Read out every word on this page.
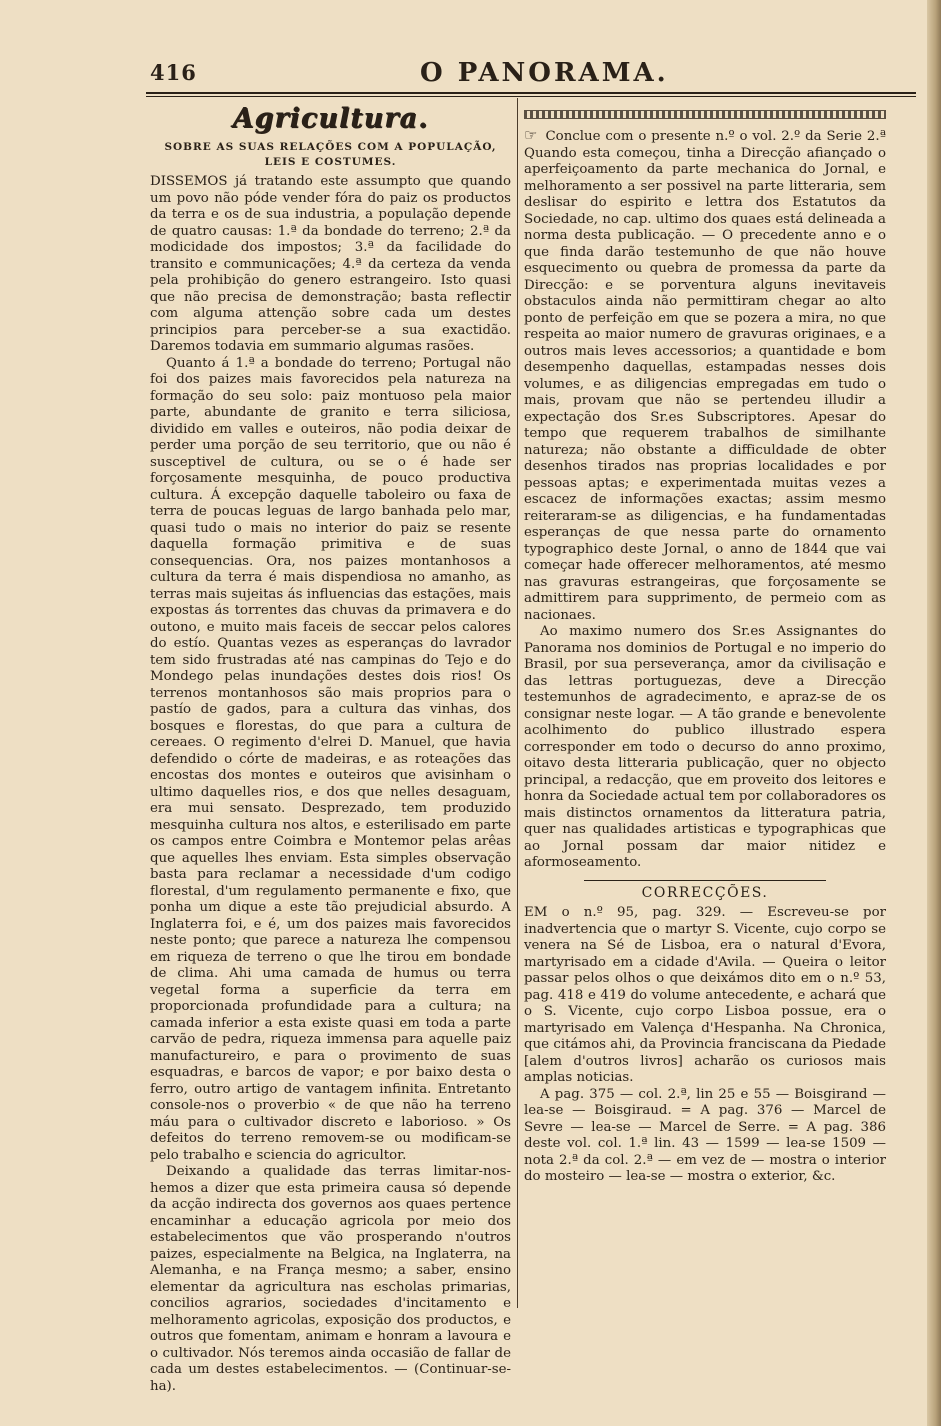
416	O PANORAMA.
Agricultura.
SOBRE AS SUAS RELAÇÕES COM A POPULAÇÃO, LEIS E COSTUMES.

DISSEMOS já tratando este assumpto que quando um povo não póde vender fóra do paiz os productos da terra e os de sua industria, a população depende de quatro causas: 1.ª da bondade do terreno; 2.ª da modicidade dos impostos; 3.ª da facilidade do transito e communicações; 4.ª da certeza da venda pela prohibição do genero estrangeiro. Isto quasi que não precisa de demonstração; basta reflectir com alguma attenção sobre cada um destes principios para perceber-se a sua exactidão. Daremos todavia em summario algumas rasões.

Quanto á 1.ª a bondade do terreno; Portugal não foi dos paizes mais favorecidos pela natureza na formação do seu solo: paiz montuoso pela maior parte, abundante de granito e terra siliciosa, dividido em valles e outeiros, não podia deixar de perder uma porção de seu territorio, que ou não é susceptivel de cultura, ou se o é hade ser forçosamente mesquinha, de pouco productiva cultura. Á excepção daquelle taboleiro ou faxa de terra de poucas leguas de largo banhada pelo mar, quasi tudo o mais no interior do paiz se resente daquella formação primitiva e de suas consequencias. Ora, nos paizes montanhosos a cultura da terra é mais dispendiosa no amanho, as terras mais sujeitas ás influencias das estações, mais expostas ás torrentes das chuvas da primavera e do outono, e muito mais faceis de seccar pelos calores do estío. Quantas vezes as esperanças do lavrador tem sido frustradas até nas campinas do Tejo e do Mondego pelas inundações destes dois rios! Os terrenos montanhosos são mais proprios para o pastío de gados, para a cultura das vinhas, dos bosques e florestas, do que para a cultura de cereaes. O regimento d'elrei D. Manuel, que havia defendido o córte de madeiras, e as roteações das encostas dos montes e outeiros que avisinham o ultimo daquelles rios, e dos que nelles desaguam, era mui sensato. Desprezado, tem produzido mesquinha cultura nos altos, e esterilisado em parte os campos entre Coimbra e Montemor pelas arêas que aquelles lhes enviam. Esta simples observação basta para reclamar a necessidade d'um codigo florestal, d'um regulamento permanente e fixo, que ponha um dique a este tão prejudicial absurdo. A Inglaterra foi, e é, um dos paizes mais favorecidos neste ponto; que parece a natureza lhe compensou em riqueza de terreno o que lhe tirou em bondade de clima. Ahi uma camada de humus ou terra vegetal forma a superficie da terra em proporcionada profundidade para a cultura; na camada inferior a esta existe quasi em toda a parte carvão de pedra, riqueza immensa para aquelle paiz manufactureiro, e para o provimento de suas esquadras, e barcos de vapor; e por baixo desta o ferro, outro artigo de vantagem infinita. Entretanto console-nos o proverbio « de que não ha terreno máu para o cultivador discreto e laborioso. » Os defeitos do terreno removem-se ou modificam-se pelo trabalho e sciencia do agricultor.

Deixando a qualidade das terras limitar-nos-hemos a dizer que esta primeira causa só depende da acção indirecta dos governos aos quaes pertence encaminhar a educação agricola por meio dos estabelecimentos que vão prosperando n'outros paizes, especialmente na Belgica, na Inglaterra, na Alemanha, e na França mesmo; a saber, ensino elementar da agricultura nas escholas primarias, concilios agrarios, sociedades d'incitamento e melhoramento agricolas, exposição dos productos, e outros que fomentam, animam e honram a lavoura e o cultivador. Nós teremos ainda occasião de fallar de cada um destes estabelecimentos. — (Continuar-se-ha).

☞ Conclue com o presente n.º o vol. 2.º da Serie 2.ª Quando esta começou, tinha a Direcção afiançado o aperfeiçoamento da parte mechanica do Jornal, e melhoramento a ser possivel na parte litteraria, sem deslisar do espirito e lettra dos Estatutos da Sociedade, no cap. ultimo dos quaes está delineada a norma desta publicação. — O precedente anno e o que finda darão testemunho de que não houve esquecimento ou quebra de promessa da parte da Direcção: e se porventura alguns inevitaveis obstaculos ainda não permittiram chegar ao alto ponto de perfeição em que se pozera a mira, no que respeita ao maior numero de gravuras originaes, e a outros mais leves accessorios; a quantidade e bom desempenho daquellas, estampadas nesses dois volumes, e as diligencias empregadas em tudo o mais, provam que não se pertendeu illudir a expectação dos Sr.es Subscriptores. Apesar do tempo que requerem trabalhos de similhante natureza; não obstante a difficuldade de obter desenhos tirados nas proprias localidades e por pessoas aptas; e experimentada muitas vezes a escacez de informações exactas; assim mesmo reiteraram-se as diligencias, e ha fundamentadas esperanças de que nessa parte do ornamento typographico deste Jornal, o anno de 1844 que vai começar hade offerecer melhoramentos, até mesmo nas gravuras estrangeiras, que forçosamente se admittirem para supprimento, de permeio com as nacionaes.

Ao maximo numero dos Sr.es Assignantes do Panorama nos dominios de Portugal e no imperio do Brasil, por sua perseverança, amor da civilisação e das lettras portuguezas, deve a Direcção testemunhos de agradecimento, e apraz-se de os consignar neste logar. — A tão grande e benevolente acolhimento do publico illustrado espera corresponder em todo o decurso do anno proximo, oitavo desta litteraria publicação, quer no objecto principal, a redacção, que em proveito dos leitores e honra da Sociedade actual tem por collaboradores os mais distinctos ornamentos da litteratura patria, quer nas qualidades artisticas e typographicas que ao Jornal possam dar maior nitidez e aformoseamento.

CORRECÇÕES.

EM o n.º 95, pag. 329. — Escreveu-se por inadvertencia que o martyr S. Vicente, cujo corpo se venera na Sé de Lisboa, era o natural d'Evora, martyrisado em a cidade d'Avila. — Queira o leitor passar pelos olhos o que deixámos dito em o n.º 53, pag. 418 e 419 do volume antecedente, e achará que o S. Vicente, cujo corpo Lisboa possue, era o martyrisado em Valença d'Hespanha. Na Chronica, que citámos ahi, da Provincia franciscana da Piedade [alem d'outros livros] acharão os curiosos mais amplas noticias.

A pag. 375 — col. 2.ª, lin 25 e 55 — Boisgirand — lea-se — Boisgiraud. = A pag. 376 — Marcel de Sevre — lea-se — Marcel de Serre. = A pag. 386 deste vol. col. 1.ª lin. 43 — 1599 — lea-se 1509 — nota 2.ª da col. 2.ª — em vez de — mostra o interior do mosteiro — lea-se — mostra o exterior, &c.
